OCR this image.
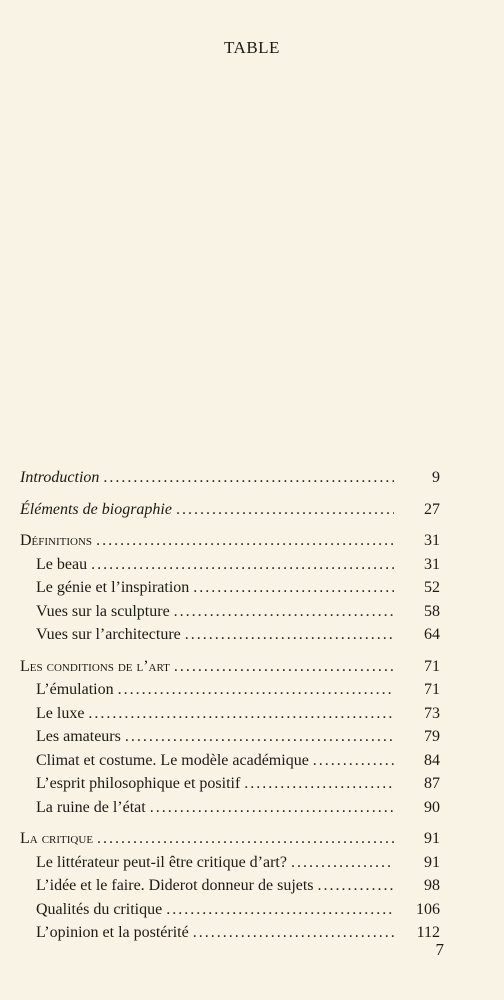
TABLE
Introduction . . .	9
Éléments de biographie . . .	27
Définitions . . .	31
Le beau . . .	31
Le génie et l’inspiration . . .	52
Vues sur la sculpture . . .	58
Vues sur l’architecture . . .	64
Les conditions de l’art . . .	71
L’émulation . . .	71
Le luxe . . .	73
Les amateurs . . .	79
Climat et costume. Le modèle académique . . .	84
L’esprit philosophique et positif . . .	87
La ruine de l’état . . .	90
La critique . . .	91
Le littérateur peut-il être critique d’art? . . .	91
L’idée et le faire. Diderot donneur de sujets . . .	98
Qualités du critique . . .	106
L’opinion et la postérité . . .	112
7
